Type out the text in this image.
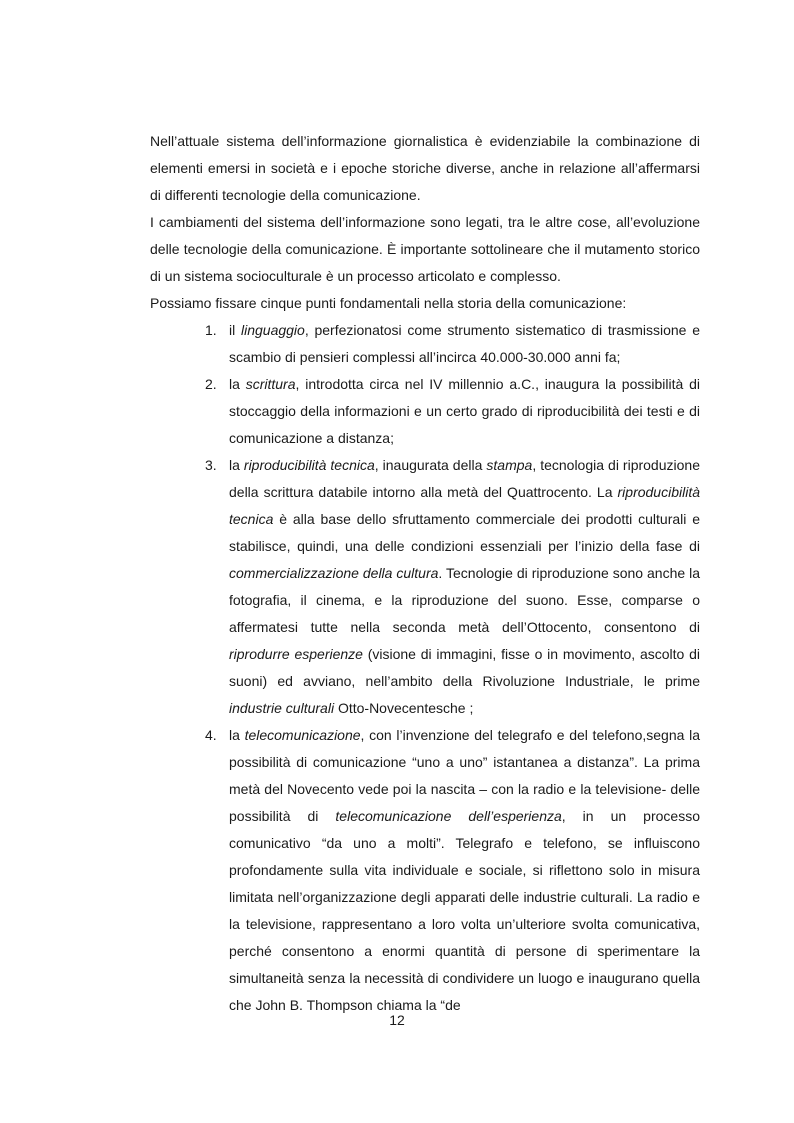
Nell’attuale sistema dell’informazione giornalistica è evidenziabile la combinazione di elementi emersi in società e i epoche storiche diverse, anche in relazione all’affermarsi di differenti tecnologie della comunicazione.

I cambiamenti del sistema dell’informazione sono legati, tra le altre cose, all’evoluzione delle tecnologie della comunicazione. È importante sottolineare che il mutamento storico di un sistema socioculturale è un processo articolato e complesso.

Possiamo fissare cinque punti fondamentali nella storia della comunicazione:

1. il linguaggio, perfezionatosi come strumento sistematico di trasmissione e scambio di pensieri complessi all’incirca 40.000-30.000 anni fa;
2. la scrittura, introdotta circa nel IV millennio a.C., inaugura la possibilità di stoccaggio della informazioni e un certo grado di riproducibilità dei testi e di comunicazione a distanza;
3. la riproducibilità tecnica, inaugurata della stampa, tecnologia di riproduzione della scrittura databile intorno alla metà del Quattrocento. La riproducibilità tecnica è alla base dello sfruttamento commerciale dei prodotti culturali e stabilisce, quindi, una delle condizioni essenziali per l’inizio della fase di commercializzazione della cultura. Tecnologie di riproduzione sono anche la fotografia, il cinema, e la riproduzione del suono. Esse, comparse o affermatesi tutte nella seconda metà dell’Ottocento, consentono di riprodurre esperienze (visione di immagini, fisse o in movimento, ascolto di suoni) ed avviano, nell’ambito della Rivoluzione Industriale, le prime industrie culturali Otto-Novecentesche ;
4. la telecomunicazione, con l’invenzione del telegrafo e del telefono,segna la possibilità di comunicazione “uno a uno” istantanea a distanza”. La prima metà del Novecento vede poi la nascita – con la radio e la televisione- delle possibilità di telecomunicazione dell’esperienza, in un processo comunicativo “da uno a molti”. Telegrafo e telefono, se influiscono profondamente sulla vita individuale e sociale, si riflettono solo in misura limitata nell’organizzazione degli apparati delle industrie culturali. La radio e la televisione, rappresentano a loro volta un’ulteriore svolta comunicativa, perché consentono a enormi quantità di persone di sperimentare la simultaneità senza la necessità di condividere un luogo e inaugurano quella che John B. Thompson chiama la “de
12
